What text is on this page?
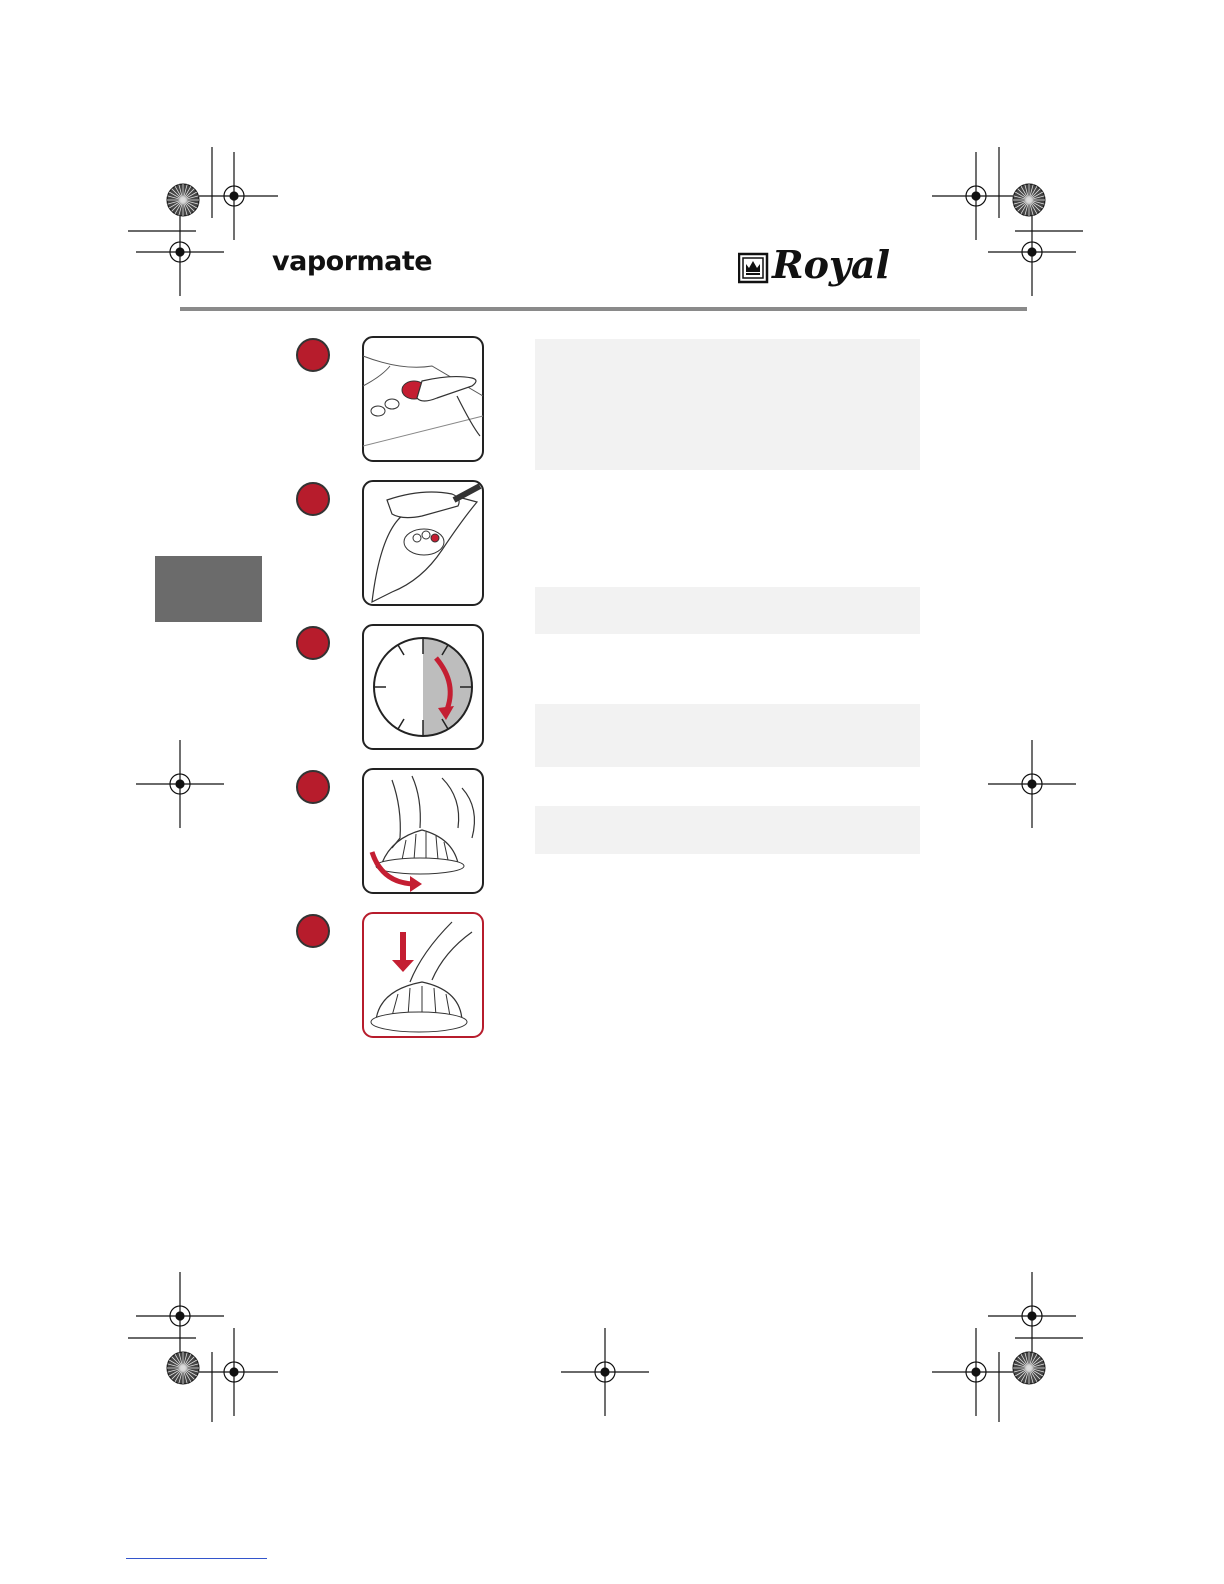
vapormate	Royal
